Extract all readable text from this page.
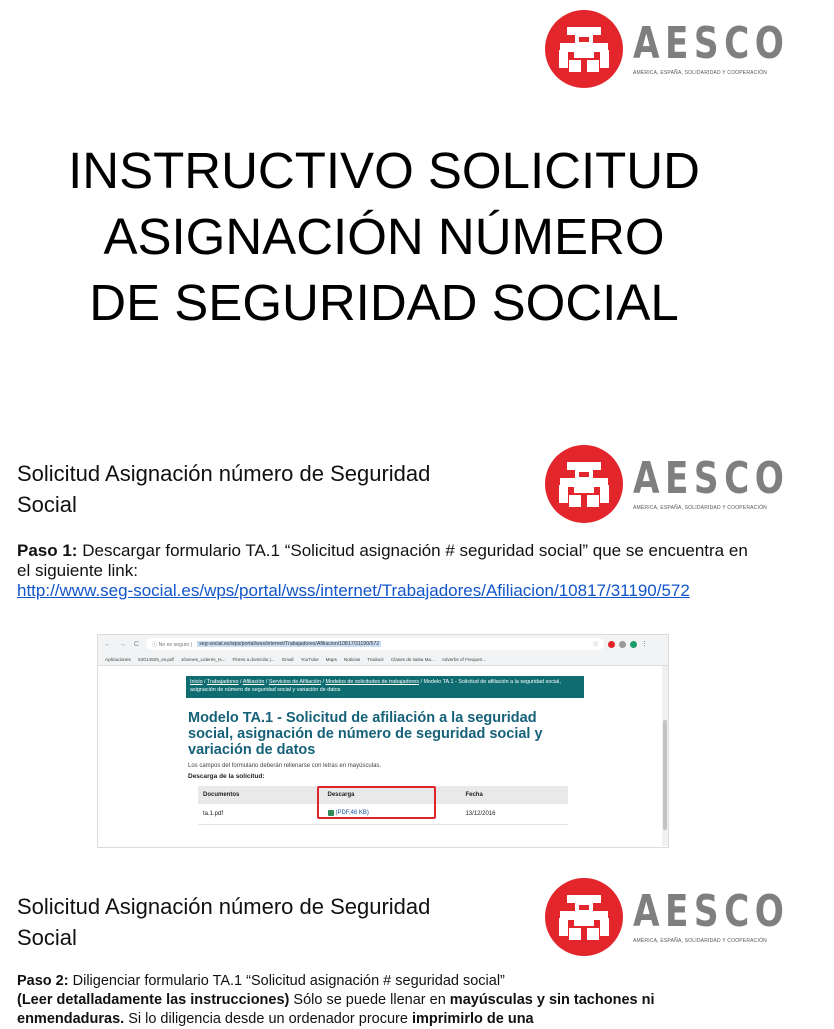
AESCO
AMÉRICA, ESPAÑA, SOLIDARIDAD Y COOPERACIÓN
INSTRUCTIVO SOLICITUD
ASIGNACIÓN NÚMERO
DE SEGURIDAD SOCIAL
AESCO
AMÉRICA, ESPAÑA, SOLIDARIDAD Y COOPERACIÓN
Solicitud Asignación número de Seguridad Social

Paso 1: Descargar formulario TA.1 “Solicitud asignación # seguridad social” que se encuentra en el siguiente link:
http://www.seg-social.es/wps/portal/wss/internet/Trabajadores/Afiliacion/10817/31190/572

← → C ⓘ No es seguro |	seg-social.es/wps/portal/wss/internet/Trabajadores/Afiliacion/10817/31190/572	☆	⋮
Aplicaciones S2014525_es.pdf Jóvenes_Lideres_Is... Flores a domicilio |... Gmail YouTube Maps Noticias Traducir Clases de salsa Ma... Adverbs of Frequen...
Inicio / Trabajadores / Afiliación / Servicios de Afiliación / Modelos de solicitudes de trabajadores / Modelo TA.1 - Solicitud de afiliación a la seguridad social, asignación de número de seguridad social y variación de datos
Modelo TA.1 - Solicitud de afiliación a la seguridad social, asignación de número de seguridad social y variación de datos
Los campos del formulario deberán rellenarse con letras en mayúsculas.
Descarga de la solicitud:
Documentos	Descarga	Fecha
ta.1.pdf	(PDF,46 KB)	13/12/2016
AESCO
AMÉRICA, ESPAÑA, SOLIDARIDAD Y COOPERACIÓN
Solicitud Asignación número de Seguridad Social

Paso 2: Diligenciar formulario TA.1 “Solicitud asignación # seguridad social”
(Leer detalladamente las instrucciones) Sólo se puede llenar en mayúsculas y sin tachones ni enmendaduras. Si lo diligencia desde un ordenador procure imprimirlo de una
